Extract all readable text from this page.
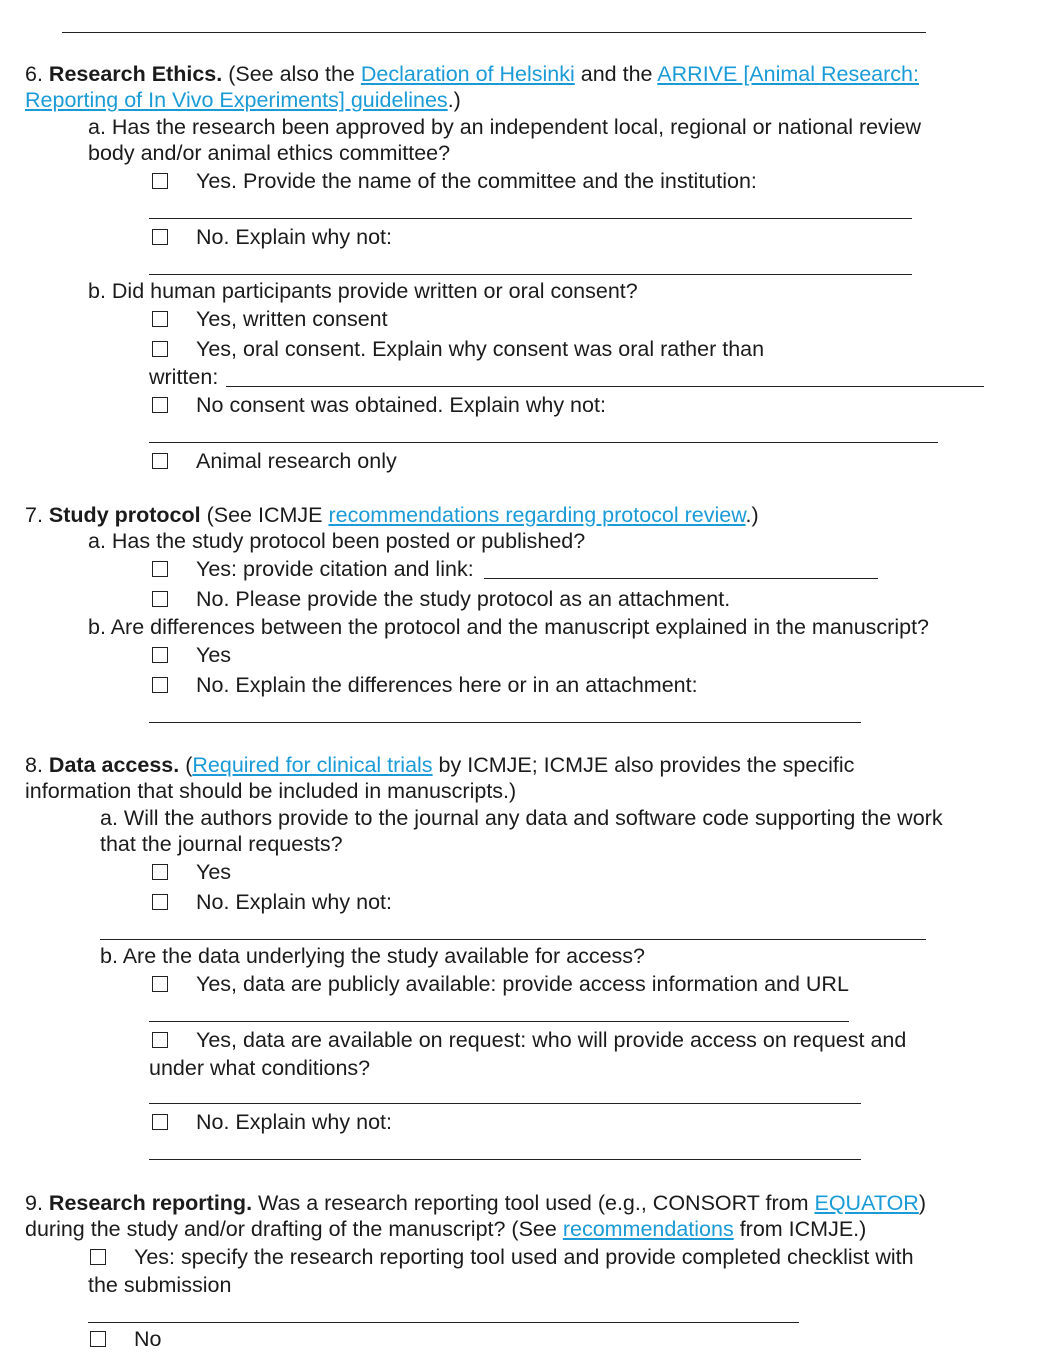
6. Research Ethics. (See also the Declaration of Helsinki and the ARRIVE [Animal Research:
Reporting of In Vivo Experiments] guidelines.)
a. Has the research been approved by an independent local, regional or national review
body and/or animal ethics committee?
Yes. Provide the name of the committee and the institution:
No. Explain why not:
b. Did human participants provide written or oral consent?
Yes, written consent
Yes, oral consent. Explain why consent was oral rather than
written:
No consent was obtained. Explain why not:
Animal research only
7. Study protocol (See ICMJE recommendations regarding protocol review.)
a. Has the study protocol been posted or published?
Yes: provide citation and link:
No. Please provide the study protocol as an attachment.
b. Are differences between the protocol and the manuscript explained in the manuscript?
Yes
No. Explain the differences here or in an attachment:
8. Data access. (Required for clinical trials by ICMJE; ICMJE also provides the specific
information that should be included in manuscripts.)
a. Will the authors provide to the journal any data and software code supporting the work
that the journal requests?
Yes
No. Explain why not:
b. Are the data underlying the study available for access?
Yes, data are publicly available: provide access information and URL
Yes, data are available on request: who will provide access on request and
under what conditions?
No. Explain why not:
9. Research reporting. Was a research reporting tool used (e.g., CONSORT from EQUATOR)
during the study and/or drafting of the manuscript? (See recommendations from ICMJE.)
Yes: specify the research reporting tool used and provide completed checklist with
the submission
No
